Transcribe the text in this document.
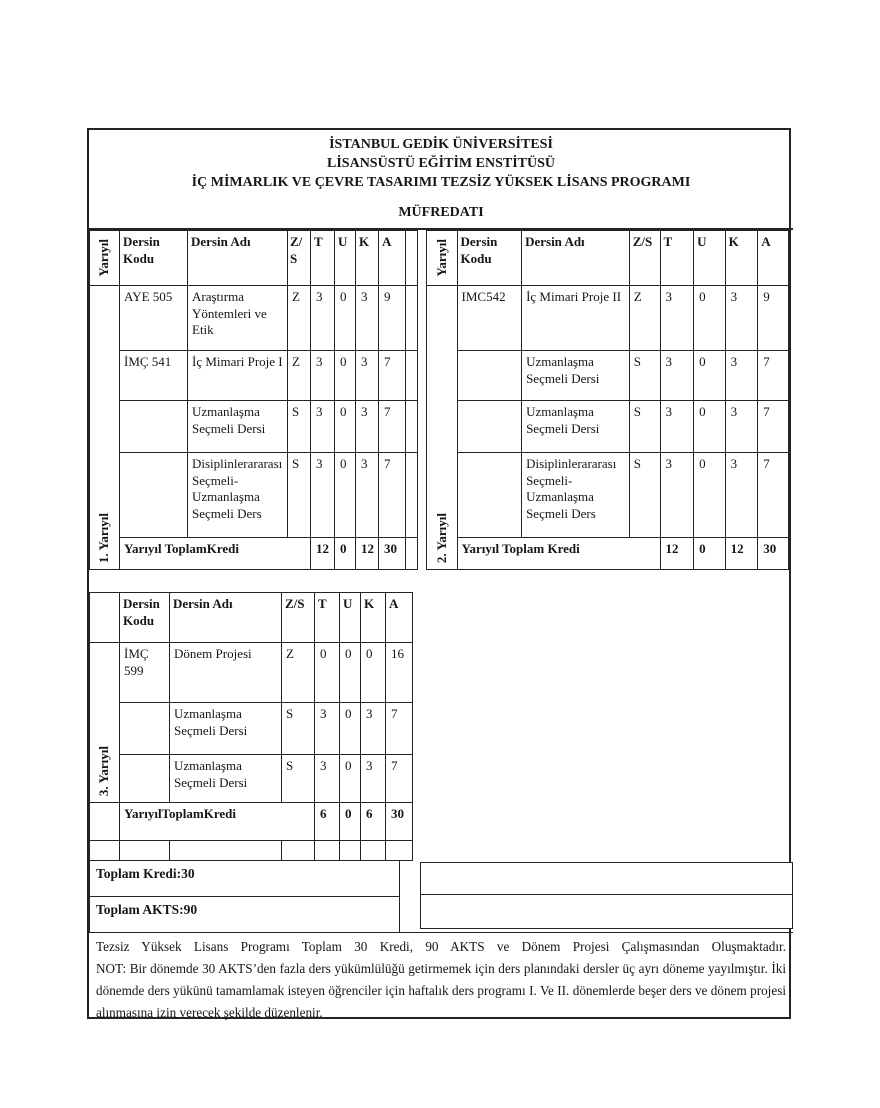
İSTANBUL GEDİK ÜNİVERSİTESİ
LİSANSÜSTÜ EĞİTİM ENSTİTÜSÜ
İÇ MİMARLIK VE ÇEVRE TASARIMI TEZSİZ YÜKSEK LİSANS PROGRAMI
MÜFREDATI
Yarıyıl	Dersin Kodu	Dersin Adı	Z/S	T	U	K	A	

1. Yarıyıl	AYE 505	Araştırma Yöntemleri ve Etik	Z	3	0	3	9	
	İMÇ 541	İç Mimari Proje I	Z	3	0	3	7	
		Uzmanlaşma Seçmeli Dersi	S	3	0	3	7	
		Disiplinlerararası Seçmeli-Uzmanlaşma Seçmeli Ders	S	3	0	3	7	
	Yarıyıl ToplamKredi			12	0	12	30	
Yarıyıl	Dersin Kodu	Dersin Adı	Z/S	T	U	K	A

2. Yarıyıl	IMC542	İç Mimari Proje II	Z	3	0	3	9
		Uzmanlaşma Seçmeli Dersi	S	3	0	3	7
		Uzmanlaşma Seçmeli Dersi	S	3	0	3	7
		Disiplinlerararası Seçmeli-Uzmanlaşma Seçmeli Ders	S	3	0	3	7
	Yarıyıl Toplam Kredi			12	0	12	30
	Dersin Kodu	Dersin Adı	Z/S	T	U	K	A

3. Yarıyıl	İMÇ 599	Dönem Projesi	Z	0	0	0	16
		Uzmanlaşma Seçmeli Dersi	S	3	0	3	7
		Uzmanlaşma Seçmeli Dersi	S	3	0	3	7
	YarıyılToplamKredi			6	0	6	30

Toplam Kredi:30
Toplam AKTS:90
Tezsiz Yüksek Lisans Programı Toplam 30 Kredi, 90 AKTS ve Dönem Projesi Çalışmasından Oluşmaktadır.
NOT: Bir dönemde 30 AKTS’den fazla ders yükümlülüğü getirmemek için ders planındaki dersler üç ayrı döneme yayılmıştır. İki dönemde ders yükünü tamamlamak isteyen öğrenciler için haftalık ders programı I. Ve II. dönemlerde beşer ders ve dönem projesi alınmasına izin verecek şekilde düzenlenir.
